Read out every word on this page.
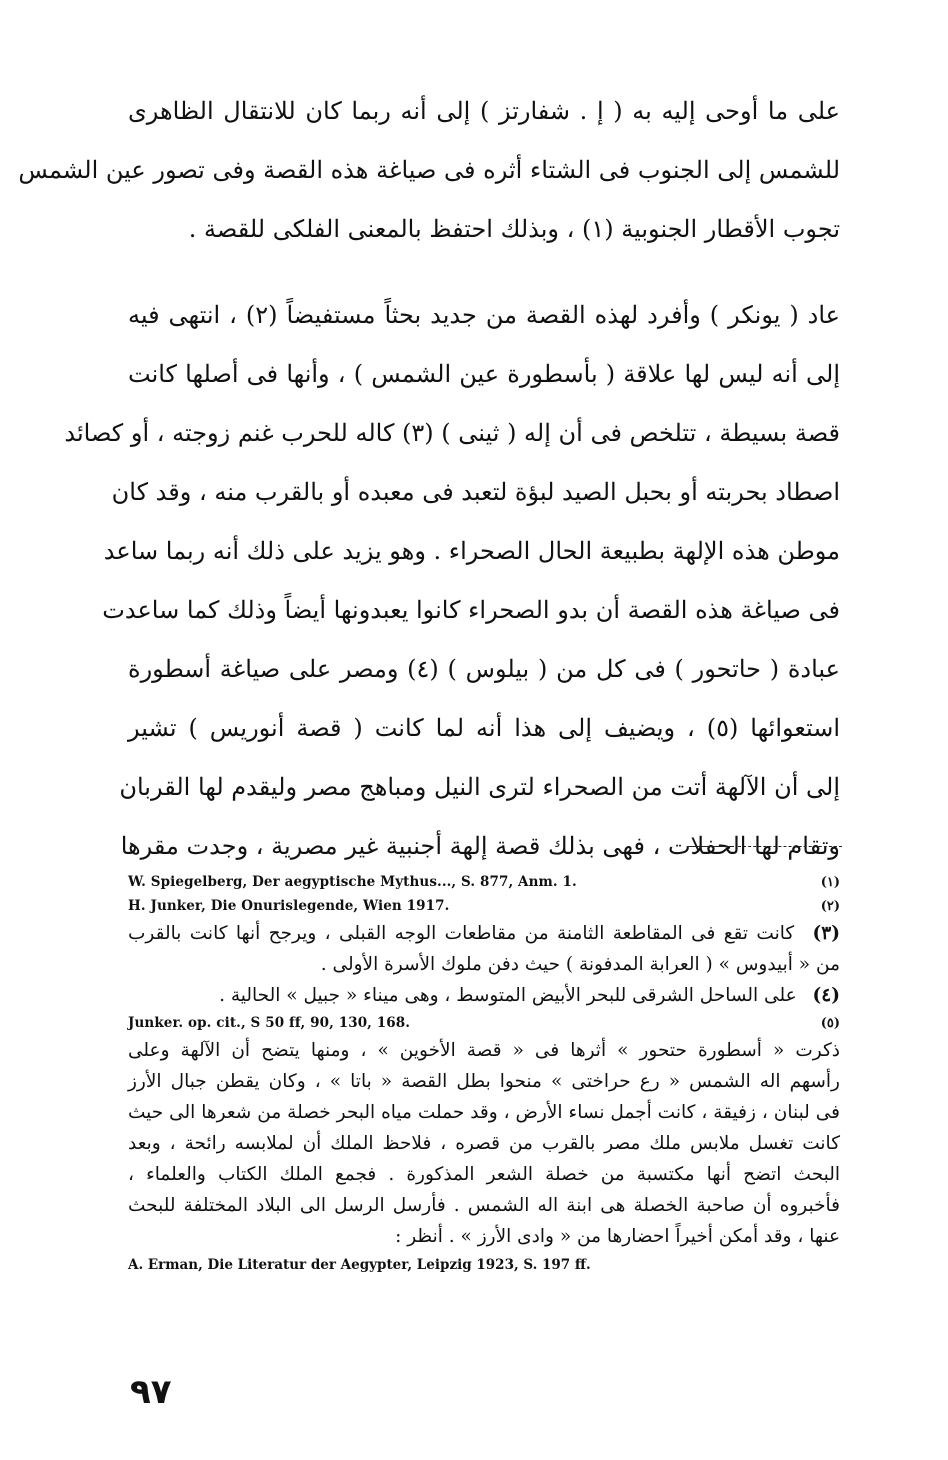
على ما أوحى إليه به ( إ . شفارتز ) إلى أنه ربما كان للانتقال الظاهرى
للشمس إلى الجنوب فى الشتاء أثره فى صياغة هذه القصة وفى تصور عين الشمس
تجوب الأقطار الجنوبية (١) ، وبذلك احتفظ بالمعنى الفلكى للقصة .
عاد ( يونكر ) وأفرد لهذه القصة من جديد بحثاً مستفيضاً (٢) ، انتهى فيه
إلى أنه ليس لها علاقة ( بأسطورة عين الشمس ) ، وأنها فى أصلها كانت
قصة بسيطة ، تتلخص فى أن إله ( ثينى ) (٣) كاله للحرب غنم زوجته ، أو كصائد
اصطاد بحربته أو بحبل الصيد لبؤة لتعبد فى معبده أو بالقرب منه ، وقد كان
موطن هذه الإلهة بطبيعة الحال الصحراء . وهو يزيد على ذلك أنه ربما ساعد
فى صياغة هذه القصة أن بدو الصحراء كانوا يعبدونها أيضاً وذلك كما ساعدت
عبادة ( حاتحور ) فى كل من ( بيلوس ) (٤) ومصر على صياغة أسطورة
استعوائها (٥) ، ويضيف إلى هذا أنه لما كانت ( قصة أنوريس ) تشير
إلى أن الآلهة أتت من الصحراء لترى النيل ومباهج مصر وليقدم لها القربان
وتقام لها الحفلات ، فهى بذلك قصة إلهة أجنبية غير مصرية ، وجدت مقرها
W. Spiegelberg, Der aegyptische Mythus..., S. 877, Anm. 1.	(١)
H. Junker, Die Onurislegende, Wien 1917.	(٢)
(٣) كانت تقع فى المقاطعة الثامنة من مقاطعات الوجه القبلى ، ويرجح أنها كانت بالقرب
من « أبيدوس » ( العرابة المدفونة ) حيث دفن ملوك الأسرة الأولى .
(٤) على الساحل الشرقى للبحر الأبيض المتوسط ، وهى ميناء « جبيل » الحالية .
Junker. op. cit., S 50 ff, 90, 130, 168.	(٥)
ذكرت « أسطورة حتحور » أثرها فى « قصة الأخوين » ، ومنها يتضح أن الآلهة وعلى
رأسهم اله الشمس « رع حراختى » منحوا بطل القصة « باتا » ، وكان يقطن جبال الأرز
فى لبنان ، زفيقة ، كانت أجمل نساء الأرض ، وقد حملت مياه البحر خصلة من شعرها الى حيث
كانت تغسل ملابس ملك مصر بالقرب من قصره ، فلاحظ الملك أن لملابسه رائحة ، وبعد
البحث اتضح أنها مكتسبة من خصلة الشعر المذكورة . فجمع الملك الكتاب والعلماء ،
فأخبروه أن صاحبة الخصلة هى ابنة اله الشمس . فأرسل الرسل الى البلاد المختلفة للبحث
عنها ، وقد أمكن أخيراً احضارها من « وادى الأرز » . أنظر :
A. Erman, Die Literatur der Aegypter, Leipzig 1923, S. 197 ff.
٩٧
